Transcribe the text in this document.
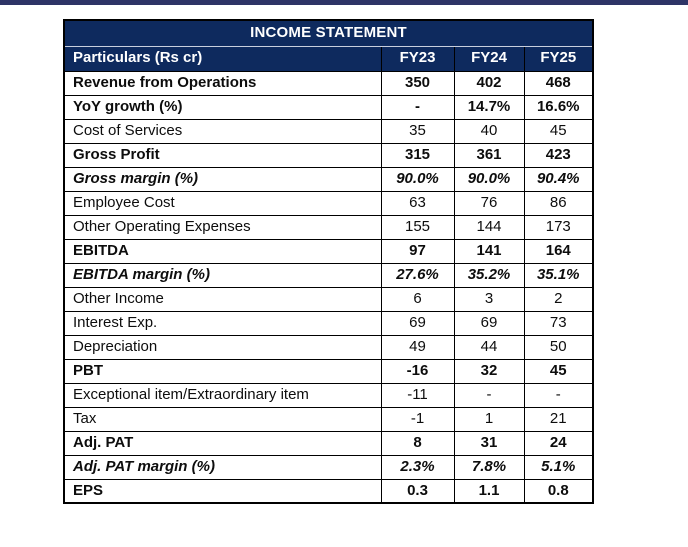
INCOME STATEMENT			
Particulars (Rs cr)	FY23	FY24	FY25
Revenue from Operations	350	402	468
YoY growth (%)	-	14.7%	16.6%
Cost of Services	35	40	45
Gross Profit	315	361	423
Gross margin (%)	90.0%	90.0%	90.4%
Employee Cost	63	76	86
Other Operating Expenses	155	144	173
EBITDA	97	141	164
EBITDA margin (%)	27.6%	35.2%	35.1%
Other Income	6	3	2
Interest Exp.	69	69	73
Depreciation	49	44	50
PBT	-16	32	45
Exceptional item/Extraordinary item	-11	-	-
Tax	-1	1	21
Adj. PAT	8	31	24
Adj. PAT margin (%)	2.3%	7.8%	5.1%
EPS	0.3	1.1	0.8
